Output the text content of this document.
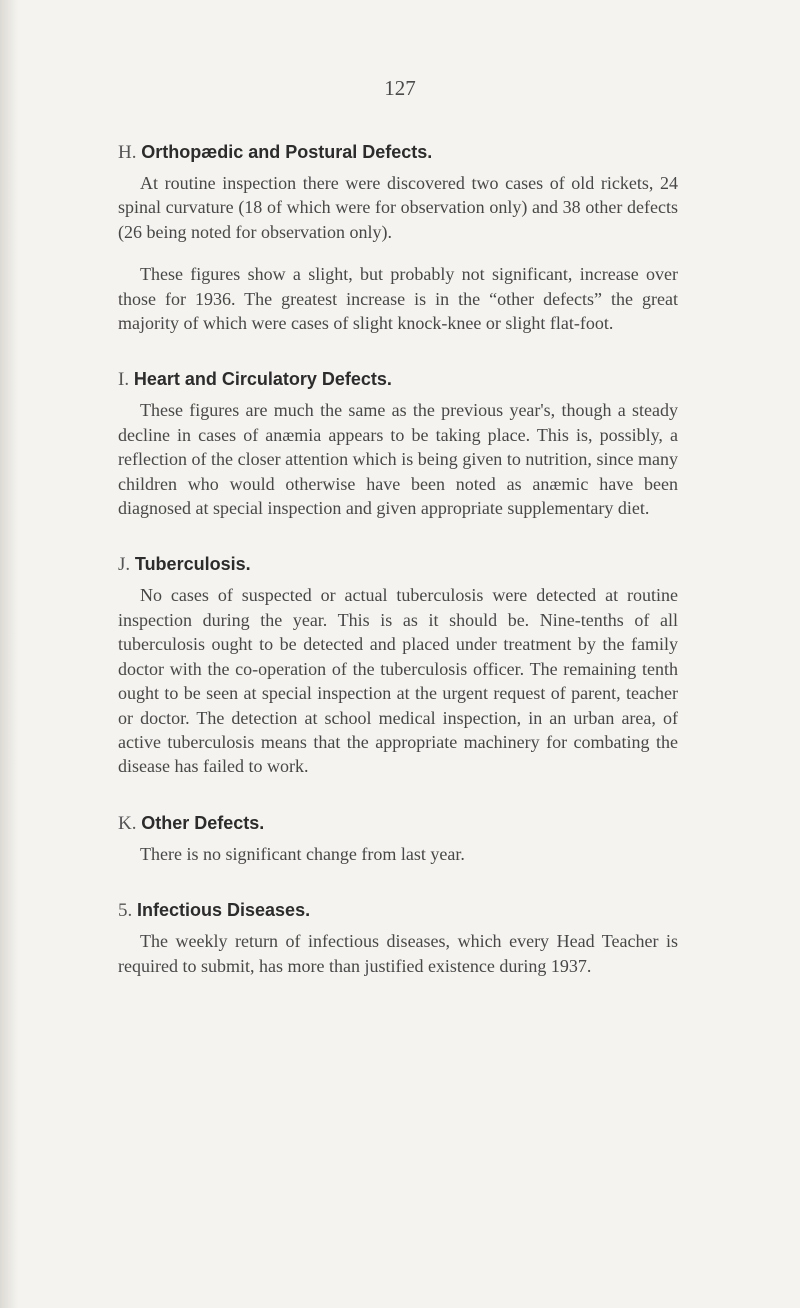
127
H. Orthopædic and Postural Defects.

At routine inspection there were discovered two cases of old rickets, 24 spinal curvature (18 of which were for observation only) and 38 other defects (26 being noted for observation only).

These figures show a slight, but probably not significant, increase over those for 1936. The greatest increase is in the “other defects” the great majority of which were cases of slight knock-knee or slight flat-foot.

I. Heart and Circulatory Defects.

These figures are much the same as the previous year's, though a steady decline in cases of anæmia appears to be taking place. This is, possibly, a reflection of the closer attention which is being given to nutrition, since many children who would otherwise have been noted as anæmic have been diagnosed at special inspection and given appropriate supplementary diet.

J. Tuberculosis.

No cases of suspected or actual tuberculosis were detected at routine inspection during the year. This is as it should be. Nine-tenths of all tuberculosis ought to be detected and placed under treatment by the family doctor with the co-operation of the tuberculosis officer. The remaining tenth ought to be seen at special inspection at the urgent request of parent, teacher or doctor. The detection at school medical inspection, in an urban area, of active tuberculosis means that the appropriate machinery for combating the disease has failed to work.

K. Other Defects.

There is no significant change from last year.

5. Infectious Diseases.

The weekly return of infectious diseases, which every Head Teacher is required to submit, has more than justified existence during 1937.
